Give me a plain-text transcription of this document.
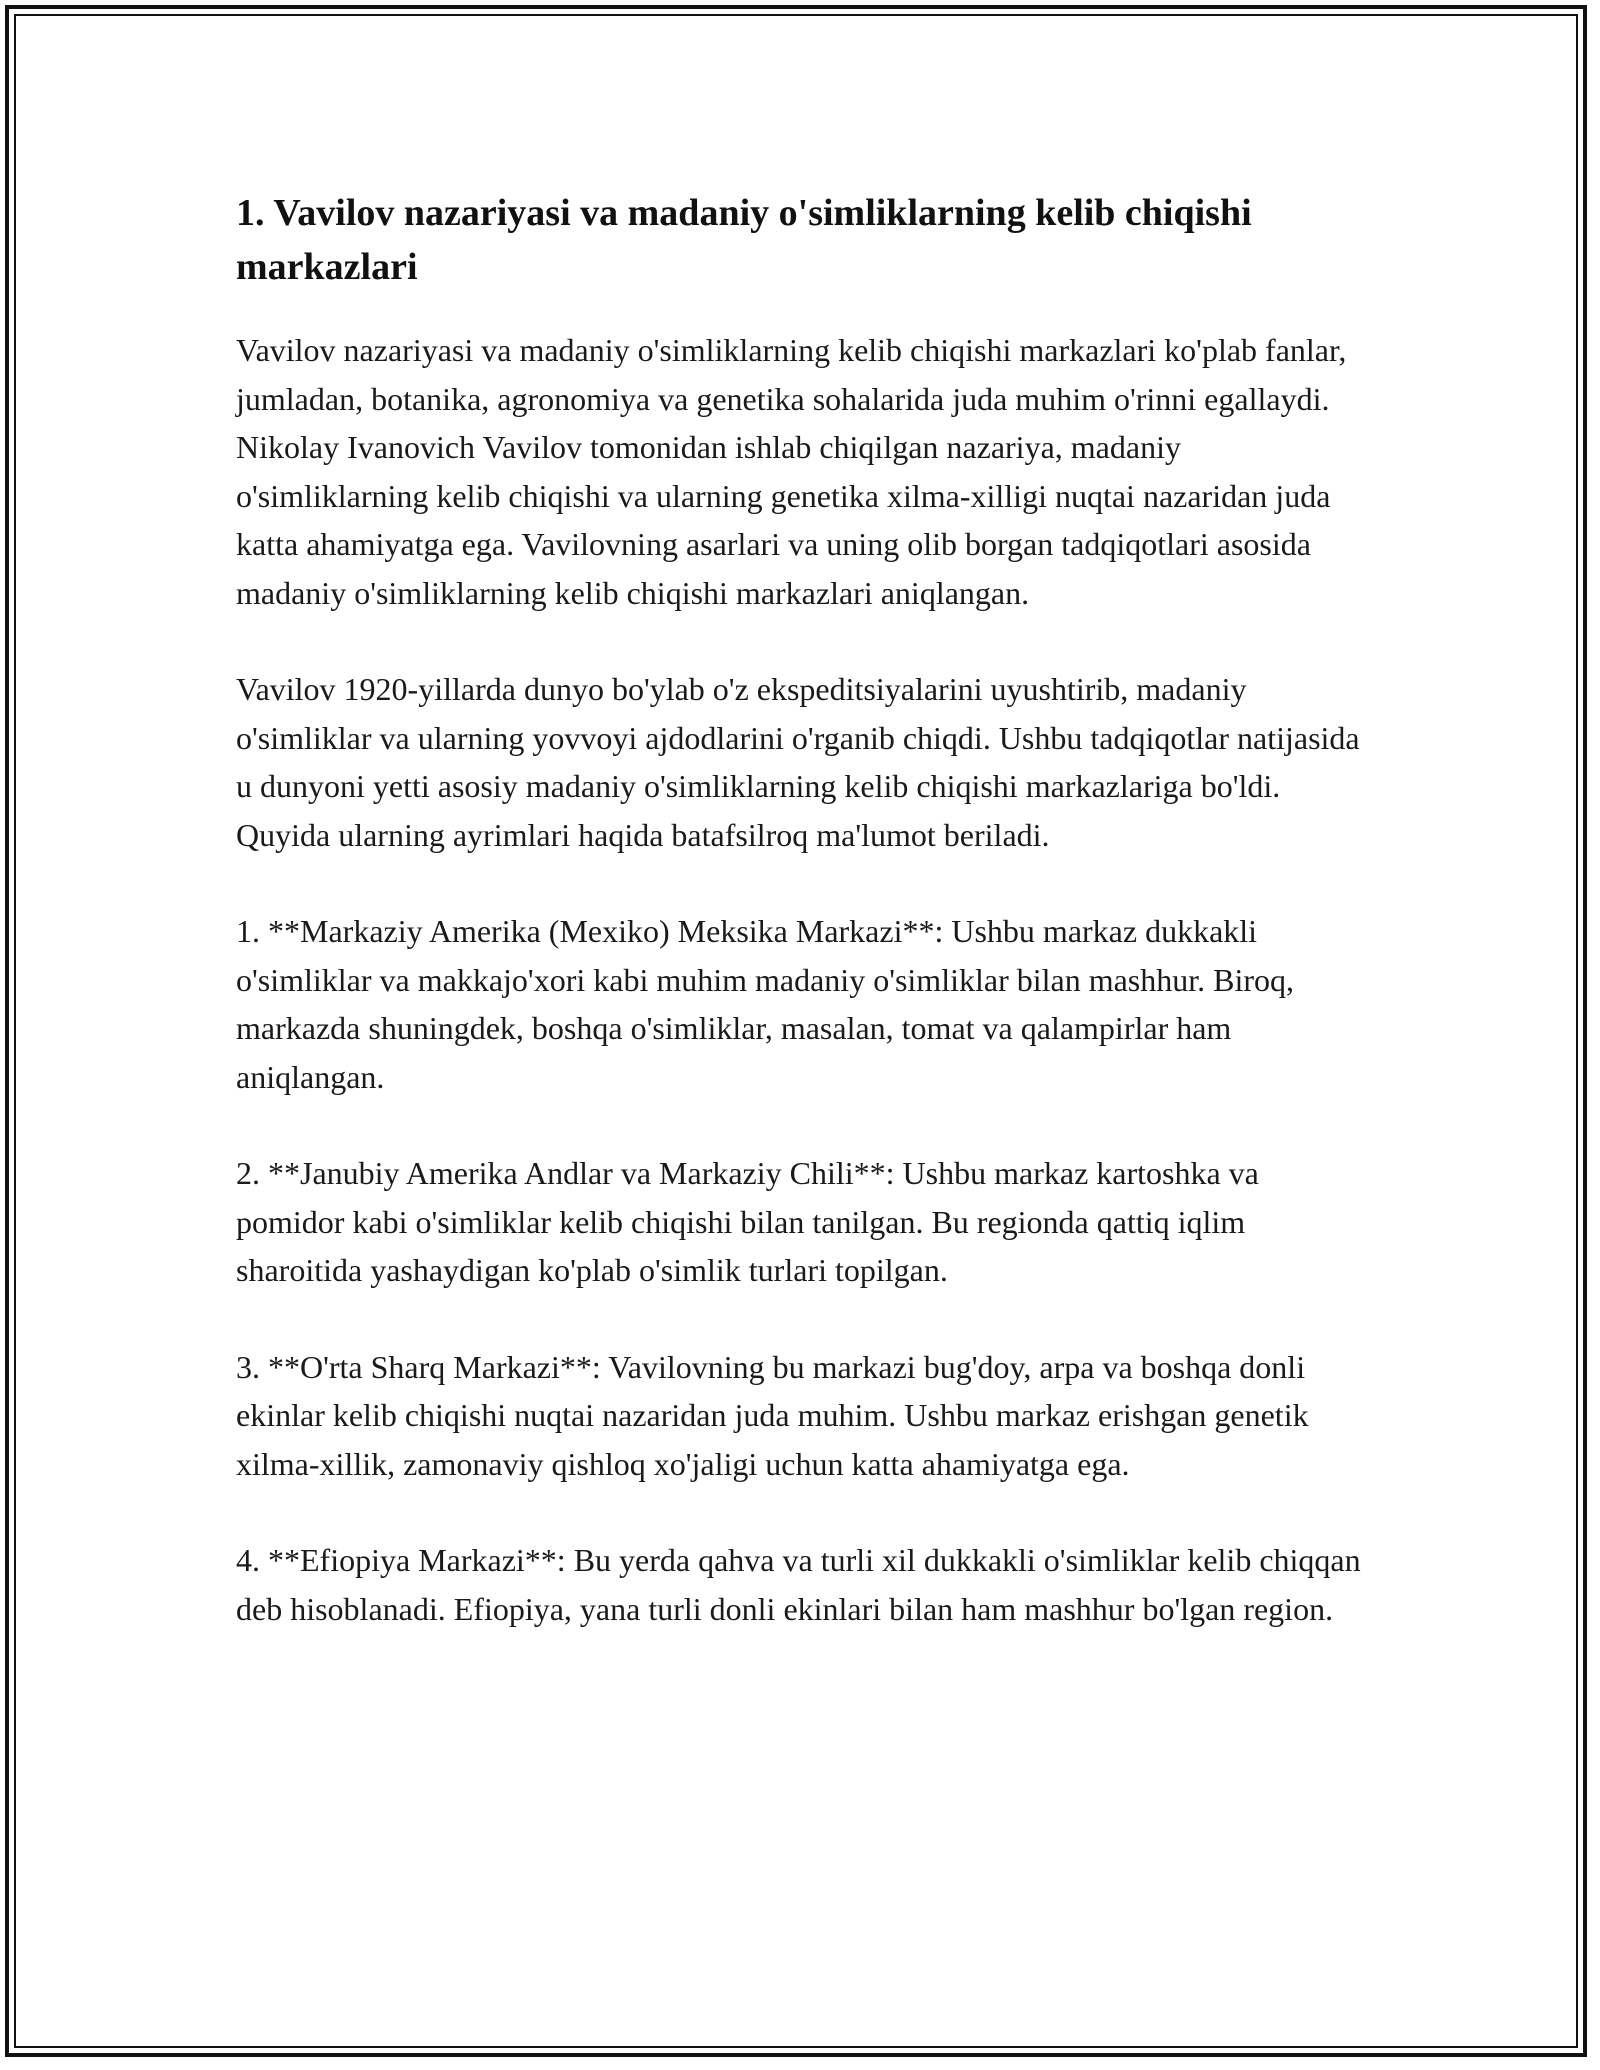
1. Vavilov nazariyasi va madaniy o'simliklarning kelib chiqishi markazlari

Vavilov nazariyasi va madaniy o'simliklarning kelib chiqishi markazlari ko'plab fanlar, jumladan, botanika, agronomiya va genetika sohalarida juda muhim o'rinni egallaydi. Nikolay Ivanovich Vavilov tomonidan ishlab chiqilgan nazariya, madaniy o'simliklarning kelib chiqishi va ularning genetika xilma-xilligi nuqtai nazaridan juda katta ahamiyatga ega. Vavilovning asarlari va uning olib borgan tadqiqotlari asosida madaniy o'simliklarning kelib chiqishi markazlari aniqlangan.

Vavilov 1920-yillarda dunyo bo'ylab o'z ekspeditsiyalarini uyushtirib, madaniy o'simliklar va ularning yovvoyi ajdodlarini o'rganib chiqdi. Ushbu tadqiqotlar natijasida u dunyoni yetti asosiy madaniy o'simliklarning kelib chiqishi markazlariga bo'ldi. Quyida ularning ayrimlari haqida batafsilroq ma'lumot beriladi.

1. **Markaziy Amerika (Mexiko) Meksika Markazi**: Ushbu markaz dukkakli o'simliklar va makkajo'xori kabi muhim madaniy o'simliklar bilan mashhur. Biroq, markazda shuningdek, boshqa o'simliklar, masalan, tomat va qalampirlar ham aniqlangan.

2. **Janubiy Amerika Andlar va Markaziy Chili**: Ushbu markaz kartoshka va pomidor kabi o'simliklar kelib chiqishi bilan tanilgan. Bu regionda qattiq iqlim sharoitida yashaydigan ko'plab o'simlik turlari topilgan.

3. **O'rta Sharq Markazi**: Vavilovning bu markazi bug'doy, arpa va boshqa donli ekinlar kelib chiqishi nuqtai nazaridan juda muhim. Ushbu markaz erishgan genetik xilma-xillik, zamonaviy qishloq xo'jaligi uchun katta ahamiyatga ega.

4. **Efiopiya Markazi**: Bu yerda qahva va turli xil dukkakli o'simliklar kelib chiqqan deb hisoblanadi. Efiopiya, yana turli donli ekinlari bilan ham mashhur bo'lgan region.
